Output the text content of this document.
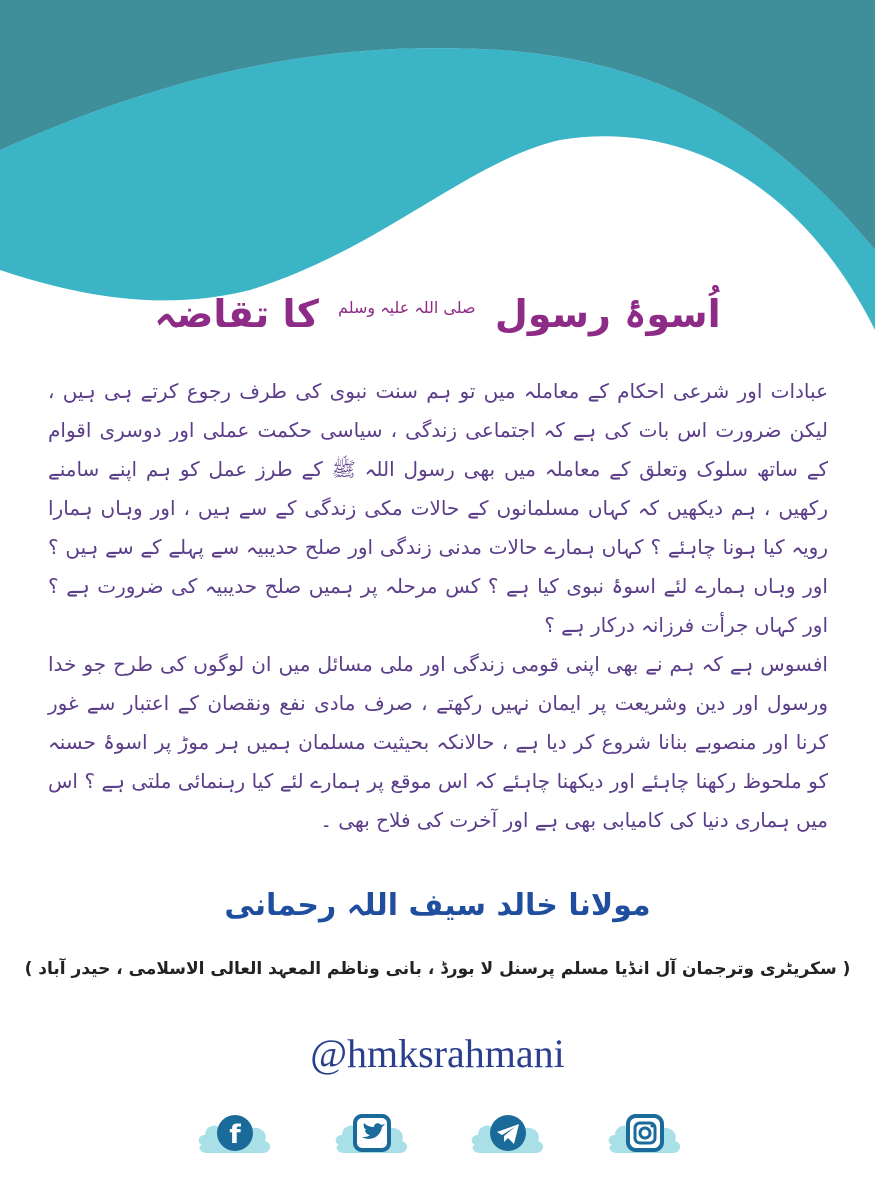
اُسوۂ رسول $^{صلی اللہ علیہ وسلم}$ کا تقاضہ

عبادات اور شرعی احکام کے معاملہ میں تو ہم سنت نبوی کی طرف رجوع کرتے ہی ہیں ، لیکن ضرورت اس بات کی ہے کہ اجتماعی زندگی ، سیاسی حکمت عملی اور دوسری اقوام کے ساتھ سلوک وتعلق کے معاملہ میں بھی رسول اللہ ﷺ کے طرز عمل کو ہم اپنے سامنے رکھیں ، ہم دیکھیں کہ کہاں مسلمانوں کے حالات مکی زندگی کے سے ہیں ، اور وہاں ہمارا رویہ کیا ہونا چاہئے ؟ کہاں ہمارے حالات مدنی زندگی اور صلح حدیبیہ سے پہلے کے سے ہیں ؟ اور وہاں ہمارے لئے اسوۂ نبوی کیا ہے ؟ کس مرحلہ پر ہمیں صلح حدیبیہ کی ضرورت ہے ؟ اور کہاں جرأت فرزانہ درکار ہے ؟

افسوس ہے کہ ہم نے بھی اپنی قومی زندگی اور ملی مسائل میں ان لوگوں کی طرح جو خدا ورسول اور دین وشریعت پر ایمان نہیں رکھتے ، صرف مادی نفع ونقصان کے اعتبار سے غور کرنا اور منصوبے بنانا شروع کر دیا ہے ، حالانکہ بحیثیت مسلمان ہمیں ہر موڑ پر اسوۂ حسنہ کو ملحوظ رکھنا چاہئے اور دیکھنا چاہئے کہ اس موقع پر ہمارے لئے کیا رہنمائی ملتی ہے ؟ اس میں ہماری دنیا کی کامیابی بھی ہے اور آخرت کی فلاح بھی ۔

مولانا خالد سیف اللہ رحمانی
( سکریٹری وترجمان آل انڈیا مسلم پرسنل لا بورڈ ، بانی وناظم المعہد العالی الاسلامی ، حیدر آباد )
@hmksrahmani
f
